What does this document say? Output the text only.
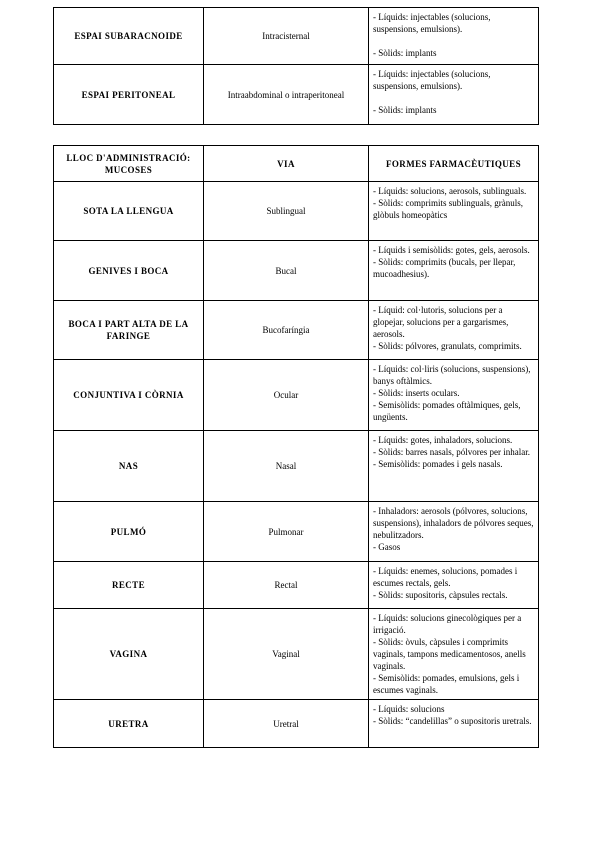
ESPAI SUBARACNOIDE	Intracisternal	- Líquids: injectables (solucions, suspensions, emulsions).
- Sòlids: implants

ESPAI PERITONEAL	Intraabdominal o intraperitoneal	- Líquids: injectables (solucions, suspensions, emulsions).
- Sòlids: implants
LLOC D'ADMINISTRACIÓ: MUCOSES	VIA	FORMES FARMACÈUTIQUES
SOTA LA LLENGUA	Sublingual	- Líquids: solucions, aerosols, sublinguals.
- Sòlids: comprimits sublinguals, grànuls, glòbuls homeopàtics

GENIVES I BOCA	Bucal	- Líquids i semisòlids: gotes, gels, aerosols.
- Sòlids: comprimits (bucals, per llepar, mucoadhesius).

BOCA I PART ALTA DE LA FARINGE	Bucofaríngia	- Líquid: col·lutoris, solucions per a glopejar, solucions per a gargarismes, aerosols.
- Sòlids: pólvores, granulats, comprimits.

CONJUNTIVA I CÒRNIA	Ocular	- Líquids: col·liris (solucions, suspensions), banys oftàlmics.
- Sòlids: inserts oculars.
- Semisòlids: pomades oftàlmiques, gels, ungüents.

NAS	Nasal	- Líquids: gotes, inhaladors, solucions.
- Sòlids: barres nasals, pólvores per inhalar.
- Semisòlids: pomades i gels nasals.

PULMÓ	Pulmonar	- Inhaladors: aerosols (pólvores, solucions, suspensions), inhaladors de pólvores seques, nebulitzadors.
- Gasos

RECTE	Rectal	- Líquids: enemes, solucions, pomades i escumes rectals, gels.
- Sòlids: supositoris, càpsules rectals.

VAGINA	Vaginal	- Líquids: solucions ginecològiques per a irrigació.
- Sòlids: òvuls, càpsules i comprimits vaginals, tampons medicamentosos, anells vaginals.
- Semisòlids: pomades, emulsions, gels i escumes vaginals.

URETRA	Uretral	- Líquids: solucions
- Sòlids: “candelillas” o supositoris uretrals.
